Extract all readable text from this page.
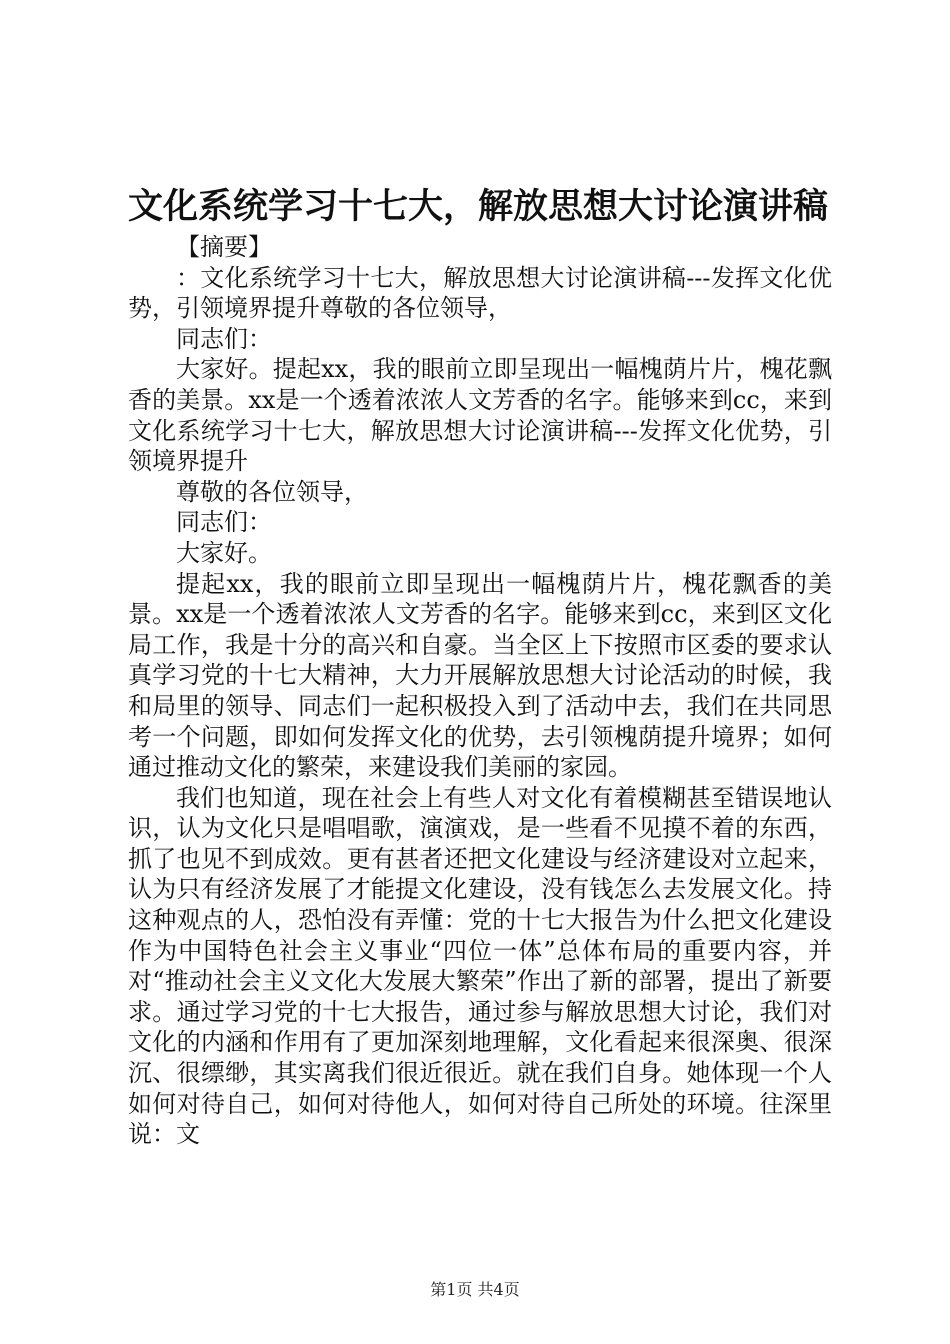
文化系统学习十七大，解放思想大讨论演讲稿

【摘要】

：文化系统学习十七大，解放思想大讨论演讲稿---发挥文化优势，引领境界提升尊敬的各位领导，

同志们：

大家好。提起xx，我的眼前立即呈现出一幅槐荫片片，槐花飘香的美景。xx是一个透着浓浓人文芳香的名字。能够来到cc，来到文化系统学习十七大，解放思想大讨论演讲稿---发挥文化优势，引领境界提升

尊敬的各位领导，

同志们：

大家好。

提起xx，我的眼前立即呈现出一幅槐荫片片，槐花飘香的美景。xx是一个透着浓浓人文芳香的名字。能够来到cc，来到区文化局工作，我是十分的高兴和自豪。当全区上下按照市区委的要求认真学习党的十七大精神，大力开展解放思想大讨论活动的时候，我和局里的领导、同志们一起积极投入到了活动中去，我们在共同思考一个问题，即如何发挥文化的优势，去引领槐荫提升境界；如何通过推动文化的繁荣，来建设我们美丽的家园。

我们也知道，现在社会上有些人对文化有着模糊甚至错误地认识，认为文化只是唱唱歌，演演戏，是一些看不见摸不着的东西，抓了也见不到成效。更有甚者还把文化建设与经济建设对立起来，认为只有经济发展了才能提文化建设，没有钱怎么去发展文化。持这种观点的人，恐怕没有弄懂：党的十七大报告为什么把文化建设作为中国特色社会主义事业“四位一体”总体布局的重要内容，并对“推动社会主义文化大发展大繁荣”作出了新的部署，提出了新要求。通过学习党的十七大报告，通过参与解放思想大讨论，我们对文化的内涵和作用有了更加深刻地理解，文化看起来很深奥、很深沉、很缥缈，其实离我们很近很近。就在我们自身。她体现一个人如何对待自己，如何对待他人，如何对待自己所处的环境。往深里说：文

第1页 共4页
